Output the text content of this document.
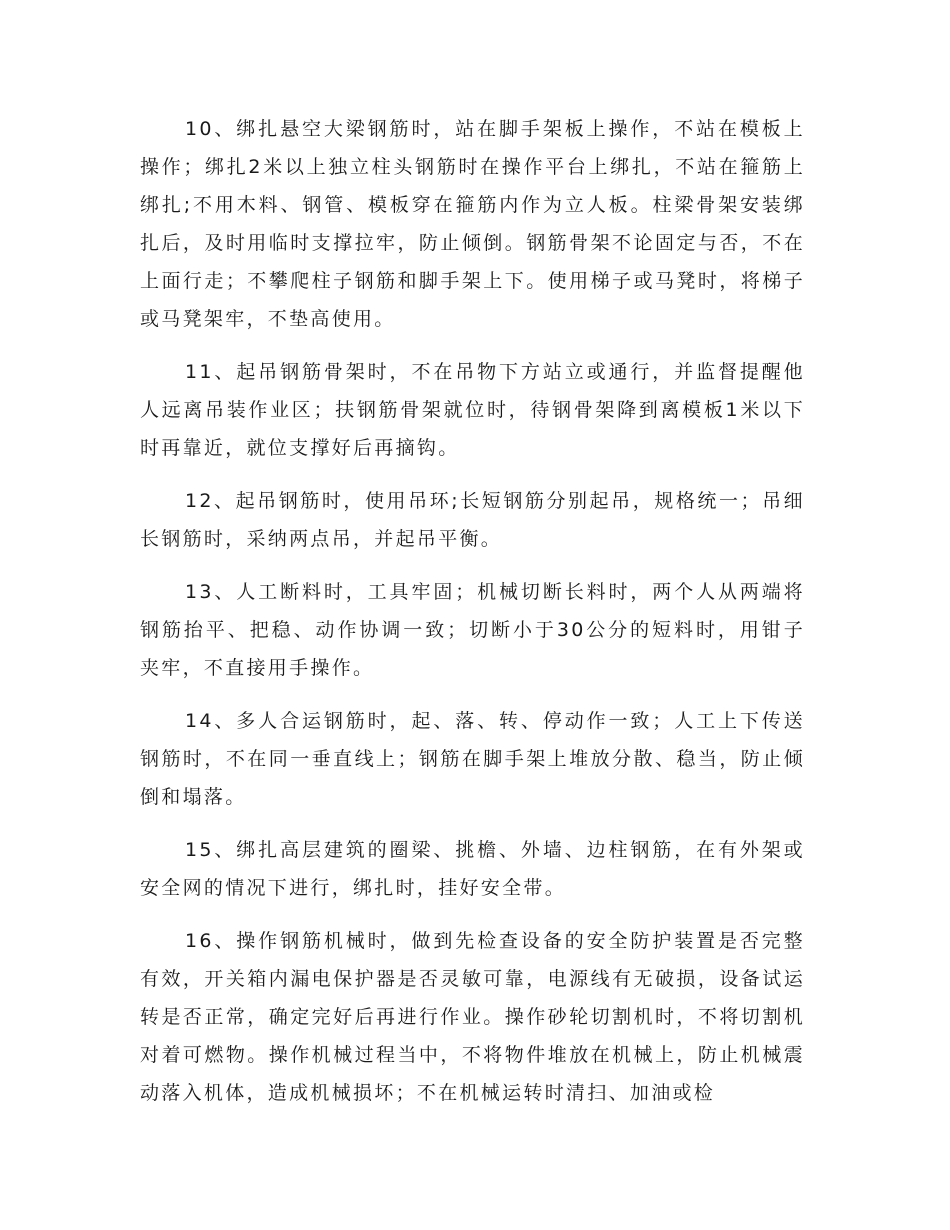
10、绑扎悬空大梁钢筋时，站在脚手架板上操作，不站在模板上操作；绑扎2米以上独立柱头钢筋时在操作平台上绑扎，不站在箍筋上绑扎;不用木料、钢管、模板穿在箍筋内作为立人板。柱梁骨架安装绑扎后，及时用临时支撑拉牢，防止倾倒。钢筋骨架不论固定与否，不在上面行走；不攀爬柱子钢筋和脚手架上下。使用梯子或马凳时，将梯子或马凳架牢，不垫高使用。

11、起吊钢筋骨架时，不在吊物下方站立或通行，并监督提醒他人远离吊装作业区；扶钢筋骨架就位时，待钢骨架降到离模板1米以下时再靠近，就位支撑好后再摘钩。

12、起吊钢筋时，使用吊环;长短钢筋分别起吊，规格统一；吊细长钢筋时，采纳两点吊，并起吊平衡。

13、人工断料时，工具牢固；机械切断长料时，两个人从两端将钢筋抬平、把稳、动作协调一致；切断小于30公分的短料时，用钳子夹牢，不直接用手操作。

14、多人合运钢筋时，起、落、转、停动作一致；人工上下传送钢筋时，不在同一垂直线上；钢筋在脚手架上堆放分散、稳当，防止倾倒和塌落。

15、绑扎高层建筑的圈梁、挑檐、外墙、边柱钢筋，在有外架或安全网的情况下进行，绑扎时，挂好安全带。

16、操作钢筋机械时，做到先检查设备的安全防护装置是否完整有效，开关箱内漏电保护器是否灵敏可靠，电源线有无破损，设备试运转是否正常，确定完好后再进行作业。操作砂轮切割机时，不将切割机对着可燃物。操作机械过程当中，不将物件堆放在机械上，防止机械震动落入机体，造成机械损坏；不在机械运转时清扫、加油或检
